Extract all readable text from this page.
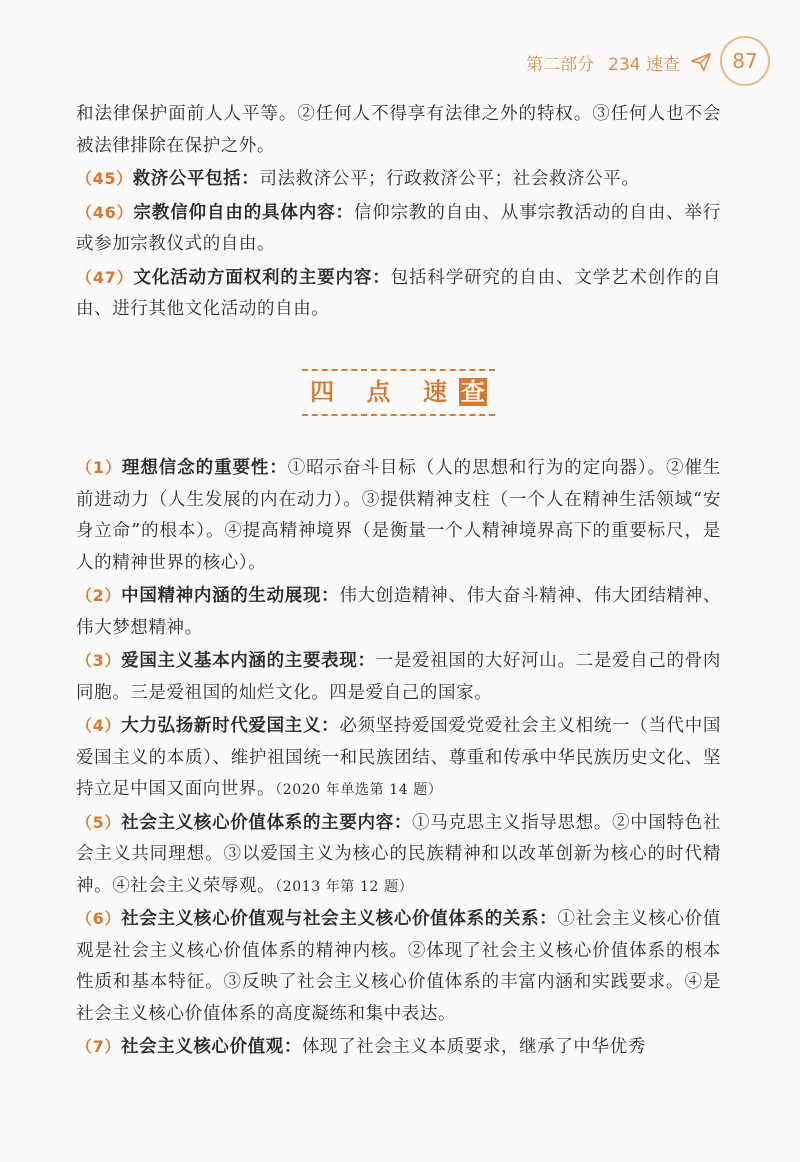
第二部分 234 速查	87

和法律保护面前人人平等。②任何人不得享有法律之外的特权。③任何人也不会被法律排除在保护之外。

（45）救济公平包括：司法救济公平；行政救济公平；社会救济公平。

（46）宗教信仰自由的具体内容：信仰宗教的自由、从事宗教活动的自由、举行或参加宗教仪式的自由。

（47）文化活动方面权利的主要内容：包括科学研究的自由、文学艺术创作的自由、进行其他文化活动的自由。

四 点 速查

（1）理想信念的重要性：①昭示奋斗目标（人的思想和行为的定向器）。②催生前进动力（人生发展的内在动力）。③提供精神支柱（一个人在精神生活领域“安身立命”的根本）。④提高精神境界（是衡量一个人精神境界高下的重要标尺，是人的精神世界的核心）。

（2）中国精神内涵的生动展现：伟大创造精神、伟大奋斗精神、伟大团结精神、伟大梦想精神。

（3）爱国主义基本内涵的主要表现：一是爱祖国的大好河山。二是爱自己的骨肉同胞。三是爱祖国的灿烂文化。四是爱自己的国家。

（4）大力弘扬新时代爱国主义：必须坚持爱国爱党爱社会主义相统一（当代中国爱国主义的本质）、维护祖国统一和民族团结、尊重和传承中华民族历史文化、坚持立足中国又面向世界。（2020 年单选第 14 题）

（5）社会主义核心价值体系的主要内容：①马克思主义指导思想。②中国特色社会主义共同理想。③以爱国主义为核心的民族精神和以改革创新为核心的时代精神。④社会主义荣辱观。（2013 年第 12 题）

（6）社会主义核心价值观与社会主义核心价值体系的关系：①社会主义核心价值观是社会主义核心价值体系的精神内核。②体现了社会主义核心价值体系的根本性质和基本特征。③反映了社会主义核心价值体系的丰富内涵和实践要求。④是社会主义核心价值体系的高度凝练和集中表达。

（7）社会主义核心价值观：体现了社会主义本质要求，继承了中华优秀
